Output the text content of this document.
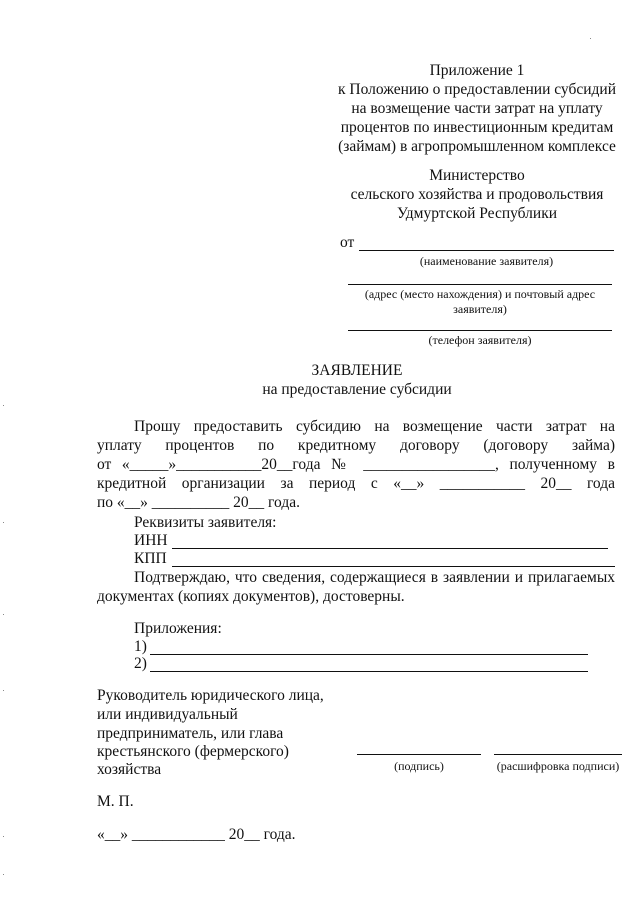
Приложение 1
к Положению о предоставлении субсидий
на возмещение части затрат на уплату
процентов по инвестиционным кредитам
(займам) в агропромышленном комплексе
Министерство
сельского хозяйства и продовольствия
Удмуртской Республики
от
(наименование заявителя)
(адрес (место нахождения) и почтовый адрес
заявителя)
(телефон заявителя)
ЗАЯВЛЕНИЕ
на предоставление субсидии
Прошу предоставить субсидию на возмещение части затрат на
уплату процентов по кредитному договору (договору займа)
от «_____»___________20__года № _________________, полученному в
кредитной организации за период с «__» ___________ 20__ года
по «__» __________ 20__ года.
Реквизиты заявителя:
ИНН
КПП
Подтверждаю, что сведения, содержащиеся в заявлении и прилагаемых
документах (копиях документов), достоверны.
Приложения:
1)
2)
Руководитель юридического лица,
или индивидуальный
предприниматель, или глава
крестьянского (фермерского)
хозяйства	(подпись)	(расшифровка подписи)
М. П.
«__» ____________ 20__ года.
